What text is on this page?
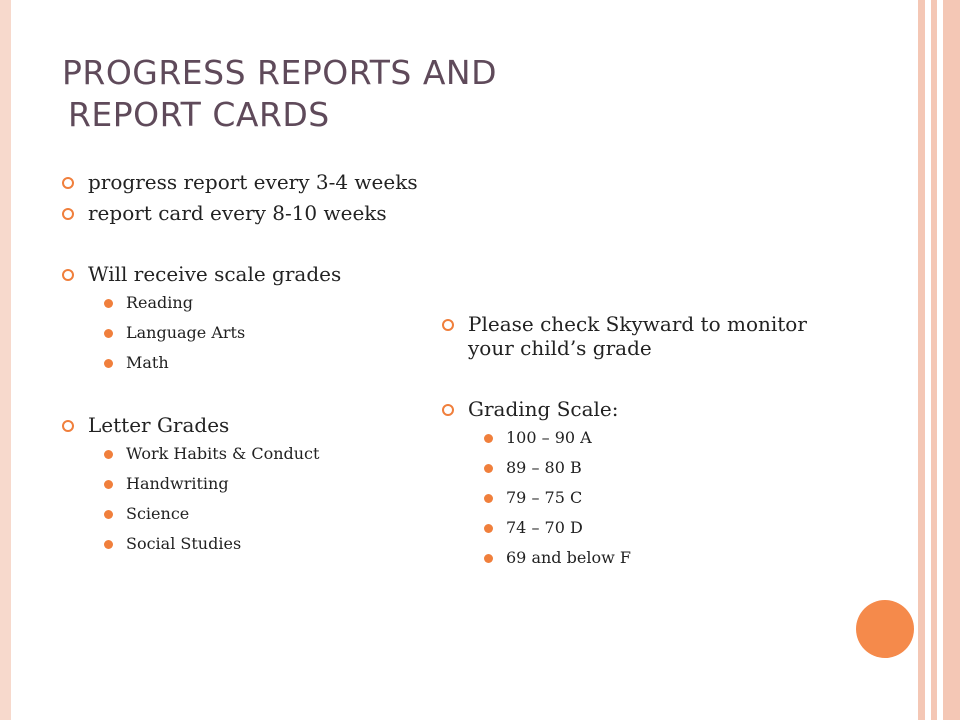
PROGRESS REPORTS AND
REPORT CARDS
progress report every 3-4 weeks
report card every 8-10 weeks
Will receive scale grades
Reading
Language Arts
Math
Letter Grades
Work Habits & Conduct
Handwriting
Science
Social Studies
Please check Skyward to monitor your child’s grade
Grading Scale:
100 – 90 A
89 – 80 B
79 – 75 C
74 – 70 D
69 and below F
